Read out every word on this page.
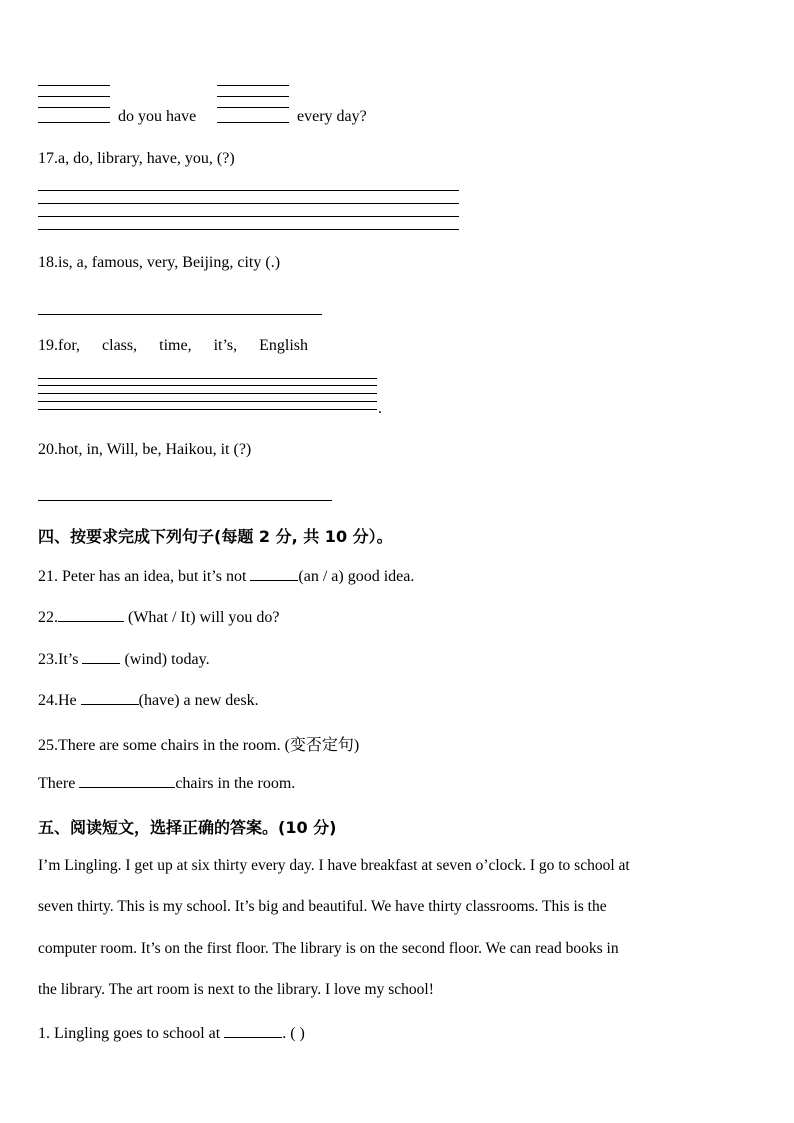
do you have	every day?
17.a, do, library, have, you, (?)
18.is, a, famous, very, Beijing, city (.)
19.for, class, time, it’s, English
.
20.hot, in, Will, be, Haikou, it (?)
四、按要求完成下列句子(每题 2 分, 共 10 分）。
21. Peter has an idea, but it’s not	(an / a) good idea.
22.	(What / It) will you do?
23.It’s  (wind) today.
24.He	(have) a new desk.
25.There are some chairs in the room. (变否定句)
There	chairs in the room.
五、阅读短文，选择正确的答案。(10 分)
I’m Lingling. I get up at six thirty every day. I have breakfast at seven o’clock. I go to school at
seven thirty. This is my school. It’s big and beautiful. We have thirty classrooms. This is the
computer room. It’s on the first floor. The library is on the second floor. We can read books in
the library. The art room is next to the library. I love my school!
1. Lingling goes to school at	. ( )
